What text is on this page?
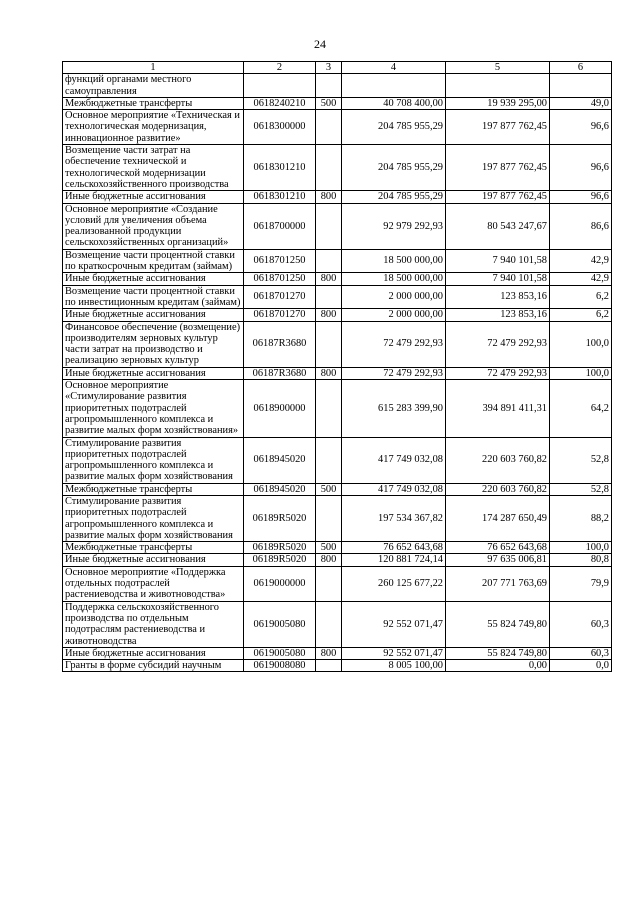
24
1	2	3	4	5	6
функций органами местного самоуправления					
Межбюджетные трансферты	0618240210	500	40 708 400,00	19 939 295,00	49,0
Основное мероприятие «Техническая и технологическая модернизация, инновационное развитие»	0618300000		204 785 955,29	197 877 762,45	96,6
Возмещение части затрат на обеспечение технической и технологической модернизации сельскохозяйственного производства	0618301210		204 785 955,29	197 877 762,45	96,6
Иные бюджетные ассигнования	0618301210	800	204 785 955,29	197 877 762,45	96,6
Основное мероприятие «Создание условий для увеличения объема реализованной продукции сельскохозяйственных организаций»	0618700000		92 979 292,93	80 543 247,67	86,6
Возмещение части процентной ставки по краткосрочным кредитам (займам)	0618701250		18 500 000,00	7 940 101,58	42,9
Иные бюджетные ассигнования	0618701250	800	18 500 000,00	7 940 101,58	42,9
Возмещение части процентной ставки по инвестиционным кредитам (займам)	0618701270		2 000 000,00	123 853,16	6,2
Иные бюджетные ассигнования	0618701270	800	2 000 000,00	123 853,16	6,2
Финансовое обеспечение (возмещение) производителям зерновых культур части затрат на производство и реализацию зерновых культур	06187R3680		72 479 292,93	72 479 292,93	100,0
Иные бюджетные ассигнования	06187R3680	800	72 479 292,93	72 479 292,93	100,0
Основное мероприятие «Стимулирование развития приоритетных подотраслей агропромышленного комплекса и развитие малых форм хозяйствования»	0618900000		615 283 399,90	394 891 411,31	64,2
Стимулирование развития приоритетных подотраслей агропромышленного комплекса и развитие малых форм хозяйствования	0618945020		417 749 032,08	220 603 760,82	52,8
Межбюджетные трансферты	0618945020	500	417 749 032,08	220 603 760,82	52,8
Стимулирование развития приоритетных подотраслей агропромышленного комплекса и развитие малых форм хозяйствования	06189R5020		197 534 367,82	174 287 650,49	88,2
Межбюджетные трансферты	06189R5020	500	76 652 643,68	76 652 643,68	100,0
Иные бюджетные ассигнования	06189R5020	800	120 881 724,14	97 635 006,81	80,8
Основное мероприятие «Поддержка отдельных подотраслей растениеводства и животноводства»	0619000000		260 125 677,22	207 771 763,69	79,9
Поддержка сельскохозяйственного производства по отдельным подотраслям растениеводства и животноводства	0619005080		92 552 071,47	55 824 749,80	60,3
Иные бюджетные ассигнования	0619005080	800	92 552 071,47	55 824 749,80	60,3
Гранты в форме субсидий научным	0619008080		8 005 100,00	0,00	0,0
